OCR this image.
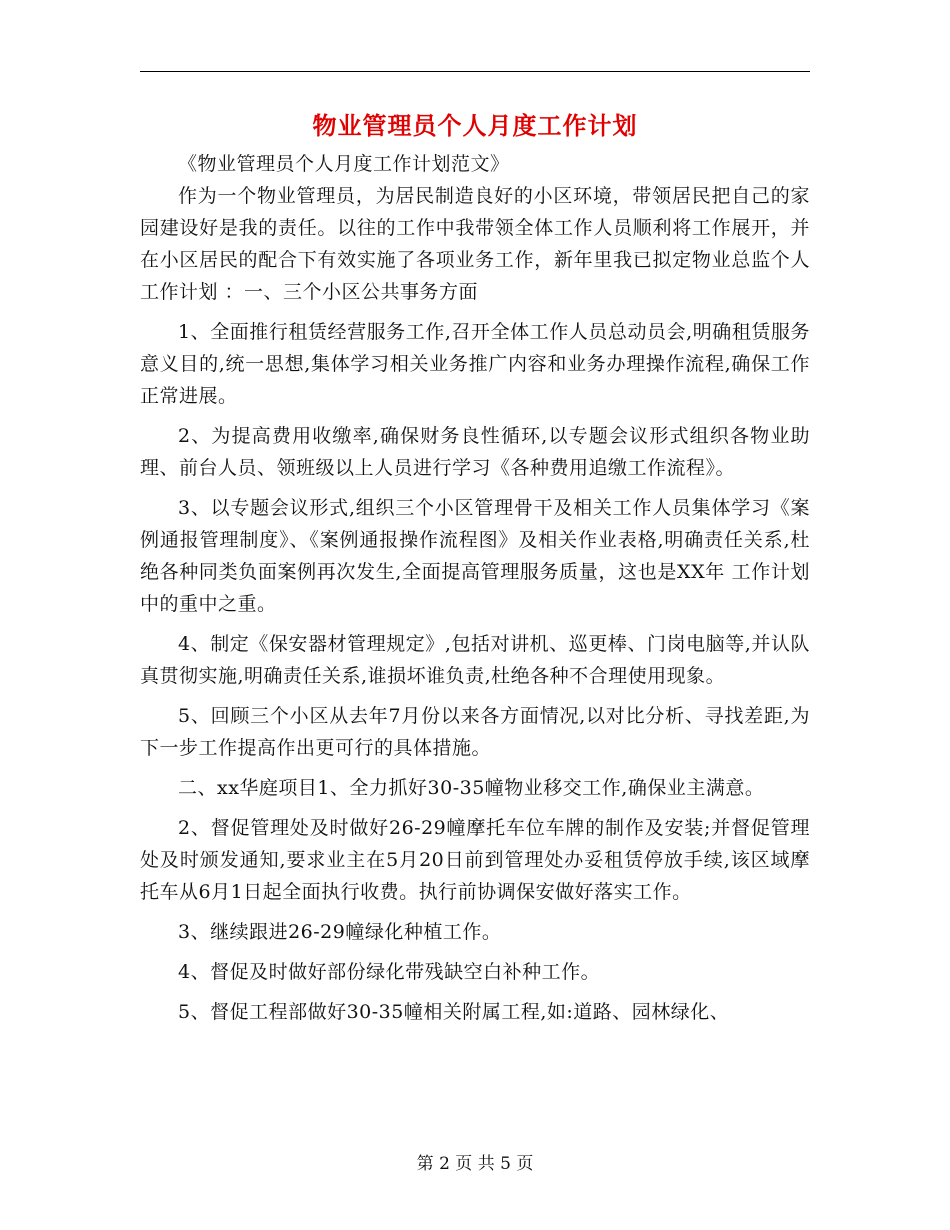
物业管理员个人月度工作计划

《物业管理员个人月度工作计划范文》

作为一个物业管理员，为居民制造良好的小区环境，带领居民把自己的家园建设好是我的责任。以往的工作中我带领全体工作人员顺利将工作展开，并在小区居民的配合下有效实施了各项业务工作，新年里我已拟定物业总监个人 工作计划 ：一、三个小区公共事务方面

1、全面推行租赁经营服务工作,召开全体工作人员总动员会,明确租赁服务意义目的,统一思想,集体学习相关业务推广内容和业务办理操作流程,确保工作正常进展。

2、为提高费用收缴率,确保财务良性循环,以专题会议形式组织各物业助理、前台人员、领班级以上人员进行学习《各种费用追缴工作流程》。

3、以专题会议形式,组织三个小区管理骨干及相关工作人员集体学习《案例通报管理制度》、《案例通报操作流程图》及相关作业表格,明确责任关系,杜绝各种同类负面案例再次发生,全面提高管理服务质量，这也是XX年 工作计划 中的重中之重。

4、制定《保安器材管理规定》,包括对讲机、巡更棒、门岗电脑等,并认队真贯彻实施,明确责任关系,谁损坏谁负责,杜绝各种不合理使用现象。

5、回顾三个小区从去年7月份以来各方面情况,以对比分析、寻找差距,为下一步工作提高作出更可行的具体措施。

二、xx华庭项目1、全力抓好30-35幢物业移交工作,确保业主满意。

2、督促管理处及时做好26-29幢摩托车位车牌的制作及安装;并督促管理处及时颁发通知,要求业主在5月20日前到管理处办妥租赁停放手续,该区域摩托车从6月1日起全面执行收费。执行前协调保安做好落实工作。

3、继续跟进26-29幢绿化种植工作。

4、督促及时做好部份绿化带残缺空白补种工作。

5、督促工程部做好30-35幢相关附属工程,如:道路、园林绿化、

第 2 页 共 5 页
